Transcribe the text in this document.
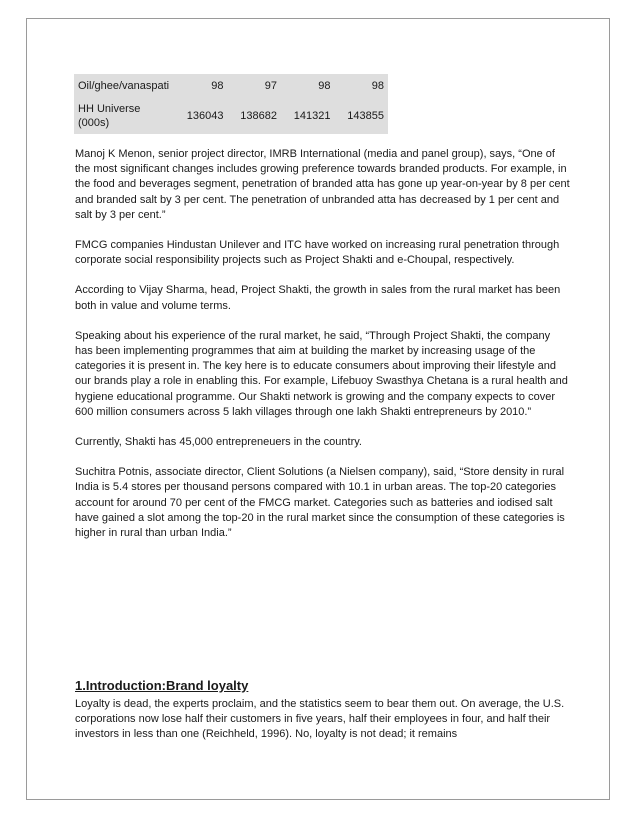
Oil/ghee/vanaspati	98	97	98	98
HH Universe (000s)	136043	138682	141321	143855

Manoj K Menon, senior project director, IMRB International (media and panel group), says, “One of the most significant changes includes growing preference towards branded products. For example, in the food and beverages segment, penetration of branded atta has gone up year-on-year by 8 per cent and branded salt by 3 per cent. The penetration of unbranded atta has decreased by 1 per cent and salt by 3 per cent.”

FMCG companies Hindustan Unilever and ITC have worked on increasing rural penetration through corporate social responsibility projects such as Project Shakti and e-Choupal, respectively.

According to Vijay Sharma, head, Project Shakti, the growth in sales from the rural market has been both in value and volume terms.

Speaking about his experience of the rural market, he said, “Through Project Shakti, the company has been implementing programmes that aim at building the market by increasing usage of the categories it is present in. The key here is to educate consumers about improving their lifestyle and our brands play a role in enabling this. For example, Lifebuoy Swasthya Chetana is a rural health and hygiene educational programme. Our Shakti network is growing and the company expects to cover 600 million consumers across 5 lakh villages through one lakh Shakti entrepreneurs by 2010.”

Currently, Shakti has 45,000 entrepreneuers in the country.

Suchitra Potnis, associate director, Client Solutions (a Nielsen company), said, “Store density in rural India is 5.4 stores per thousand persons compared with 10.1 in urban areas. The top-20 categories account for around 70 per cent of the FMCG market. Categories such as batteries and iodised salt have gained a slot among the top-20 in the rural market since the consumption of these categories is higher in rural than urban India.”

1.Introduction:Brand loyalty

Loyalty is dead, the experts proclaim, and the statistics seem to bear them out. On average, the U.S. corporations now lose half their customers in five years, half their employees in four, and half their investors in less than one (Reichheld, 1996). No, loyalty is not dead; it remains
